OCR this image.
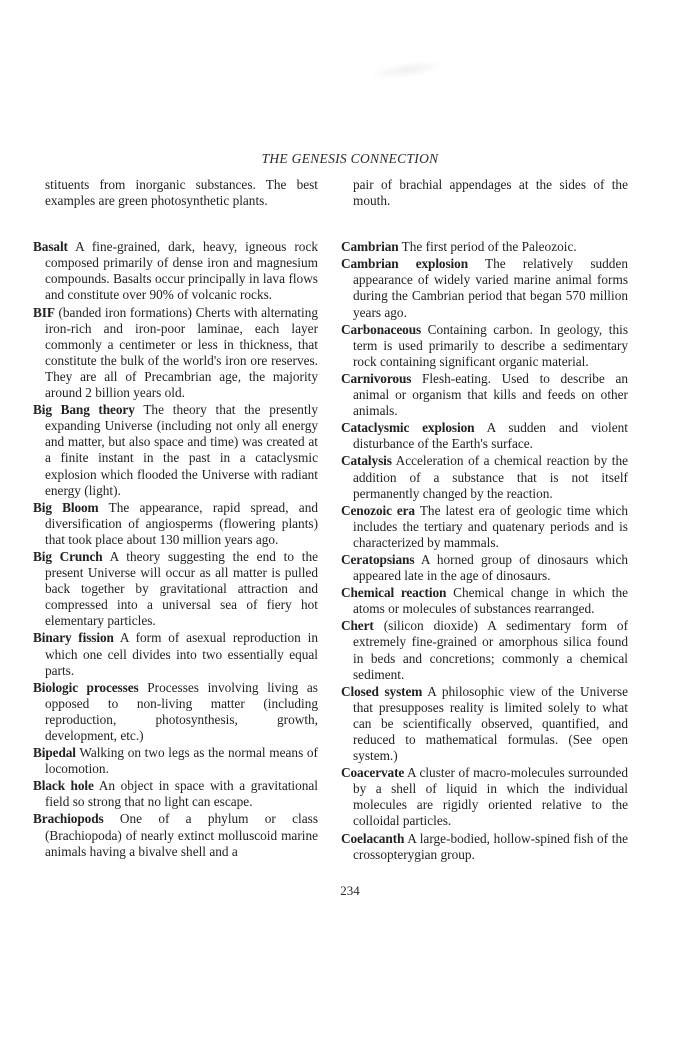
THE GENESIS CONNECTION

stituents from inorganic substances. The best examples are green photosynthetic plants.

Basalt A fine-grained, dark, heavy, igneous rock composed primarily of dense iron and magnesium compounds. Basalts occur principally in lava flows and constitute over 90% of volcanic rocks.

BIF (banded iron formations) Cherts with alternating iron-rich and iron-poor laminae, each layer commonly a centimeter or less in thickness, that constitute the bulk of the world's iron ore reserves. They are all of Precambrian age, the majority around 2 billion years old.

Big Bang theory The theory that the presently expanding Universe (including not only all energy and matter, but also space and time) was created at a finite instant in the past in a cataclysmic explosion which flooded the Universe with radiant energy (light).

Big Bloom The appearance, rapid spread, and diversification of angiosperms (flowering plants) that took place about 130 million years ago.

Big Crunch A theory suggesting the end to the present Universe will occur as all matter is pulled back together by gravitational attraction and compressed into a universal sea of fiery hot elementary particles.

Binary fission A form of asexual reproduction in which one cell divides into two essentially equal parts.

Biologic processes Processes involving living as opposed to non-living matter (including reproduction, photosynthesis, growth, development, etc.)

Bipedal Walking on two legs as the normal means of locomotion.

Black hole An object in space with a gravitational field so strong that no light can escape.

Brachiopods One of a phylum or class (Brachiopoda) of nearly extinct molluscoid marine animals having a bivalve shell and a

pair of brachial appendages at the sides of the mouth.

Cambrian The first period of the Paleozoic.

Cambrian explosion The relatively sudden appearance of widely varied marine animal forms during the Cambrian period that began 570 million years ago.

Carbonaceous Containing carbon. In geology, this term is used primarily to describe a sedimentary rock containing significant organic material.

Carnivorous Flesh-eating. Used to describe an animal or organism that kills and feeds on other animals.

Cataclysmic explosion A sudden and violent disturbance of the Earth's surface.

Catalysis Acceleration of a chemical reaction by the addition of a substance that is not itself permanently changed by the reaction.

Cenozoic era The latest era of geologic time which includes the tertiary and quatenary periods and is characterized by mammals.

Ceratopsians A horned group of dinosaurs which appeared late in the age of dinosaurs.

Chemical reaction Chemical change in which the atoms or molecules of substances rearranged.

Chert (silicon dioxide) A sedimentary form of extremely fine-grained or amorphous silica found in beds and concretions; commonly a chemical sediment.

Closed system A philosophic view of the Universe that presupposes reality is limited solely to what can be scientifically observed, quantified, and reduced to mathematical formulas. (See open system.)

Coacervate A cluster of macro-molecules surrounded by a shell of liquid in which the individual molecules are rigidly oriented relative to the colloidal particles.

Coelacanth A large-bodied, hollow-spined fish of the crossopterygian group.

234
